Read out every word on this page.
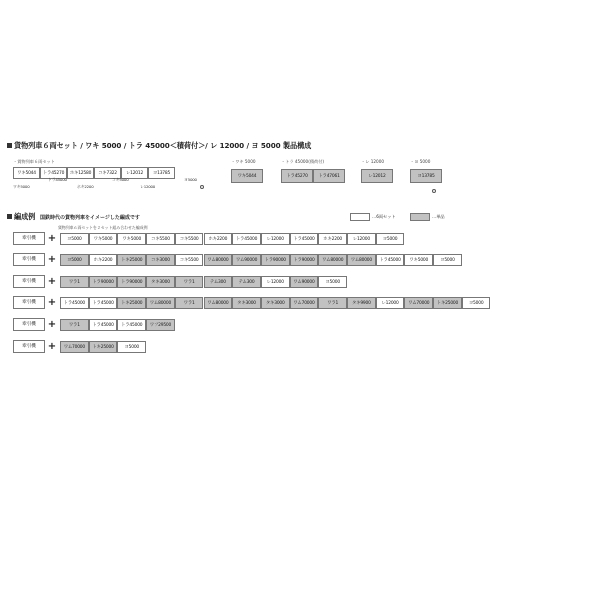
貨物列車６両セット / ワキ 5000 / トラ 45000＜積荷付＞/ レ 12000 / ヨ 5000 製品構成
・貨物列車６両セット
ワキ5044	トラ45270	ホキ12580	コキ7322	レ12012	ヨ13785
ワキ5000
トラ45000
ホキ2200
コキ5000
レ12000
ヨ5000
・ワキ 5000
ワキ5044
・トラ 45000(積荷付)
トラ45270	トラ47061
・レ 12000
レ12012
・ヨ 5000
ヨ13785
編成例 国鉄時代の貨物列車をイメージした編成です
貨物列車６両セットを２セット組み合わせた編成例
…6両セット	…単品
牽引機	+	ヨ5000	ワキ5000	ワキ5000	コキ5500	コキ5500	ホキ2200	トラ45000	レ12000	トラ45000	ホキ2200	レ12000	ヨ5000
牽引機	+	ヨ5000	ホキ2200	トキ25000	コキ3000	コキ5500	ワム80000	ワム90000	トラ90000	トラ90000	ワム80000	ワム80000	トラ45000	ワキ5000	ヨ5000
牽引機	+	ワラ1	トラ90000	トラ90000	タキ3000	ワラ1	テム300	テム300	レ12000	ワム90000	ヨ5000
牽引機	+	トラ45000	トラ45000	トキ25000	ワム80000	ワラ1	ワム80000	タキ3000	タキ3000	ワム70000	ワラ1	タキ9900	レ12000	ワム70000	トキ25000	ヨ5000
牽引機	+	ワラ1	トラ45000	トラ45000	ワフ29500
牽引機	+	ワム70000	トキ25000	ヨ5000
